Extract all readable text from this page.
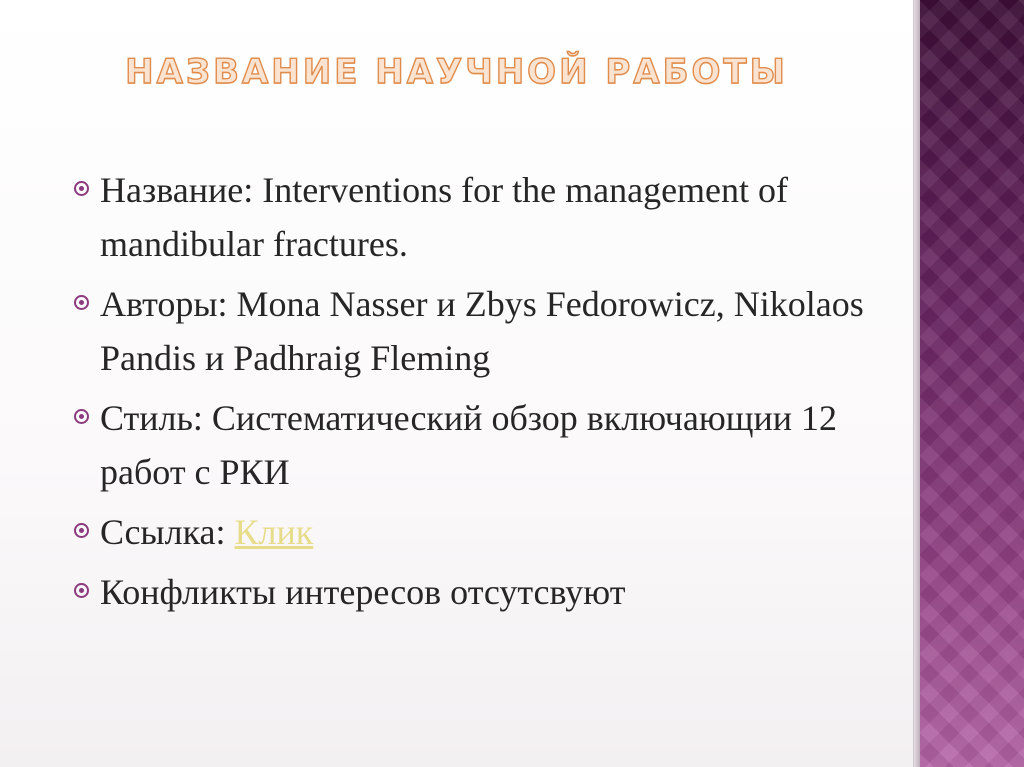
НАЗВАНИЕ НАУЧНОЙ РАБОТЫ
Название: Interventions for the management of mandibular fractures.
Авторы: Mona Nasser и Zbys Fedorowicz, Nikolaos Pandis и Padhraig Fleming
Стиль: Систематический обзор включающии 12 работ с РКИ
Ссылка: Клик
Конфликты интересов отсутсвуют
